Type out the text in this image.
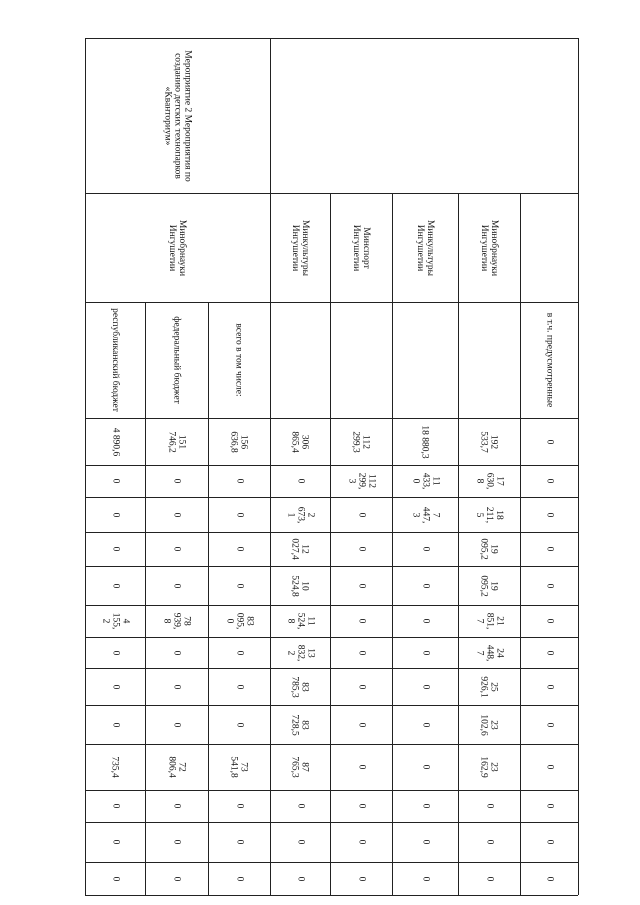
в т.ч. предусмотренные
0
0
0
0
0
0
0
0
0
0
0
0
0
Минобрнауки
Ингушетии
192
533,7
17
630,
8
18
211,
5
19
095,2
19
095,2
21
851,
7
24
448,
7
25
926,1
23
102,6
23
162,9
0
0
0
Минкультуры
Ингушетии
18 880,3
11
433,
0
7
447,
3
0
0
0
0
0
0
0
0
0
0
Минспорт
Ингушетии
112
299,3
112
299,
3
0
0
0
0
0
0
0
0
0
0
0
Минкультуры
Ингушетии
306
865,4
0
2
673,
1
12
027,4
10
524,8
11
524,
8
13
832,
2
83
785,3
83
728,5
87
765,3
0
0
0
Мероприятие 2 Мероприятия по
созданию детских технопарков
«Кванториум»
Минобрнауки
Ингушетии
всего в том числе:
156
636,8
0
0
0
0
83
095,
0
0
0
0
73
541,8
0
0
0
федеральный бюджет
151
746,2
0
0
0
0
78
939,
8
0
0
0
72
806,4
0
0
0
республиканский бюджет
4 890,6
0
0
0
0
4
155,
2
0
0
0
735,4
0
0
0
